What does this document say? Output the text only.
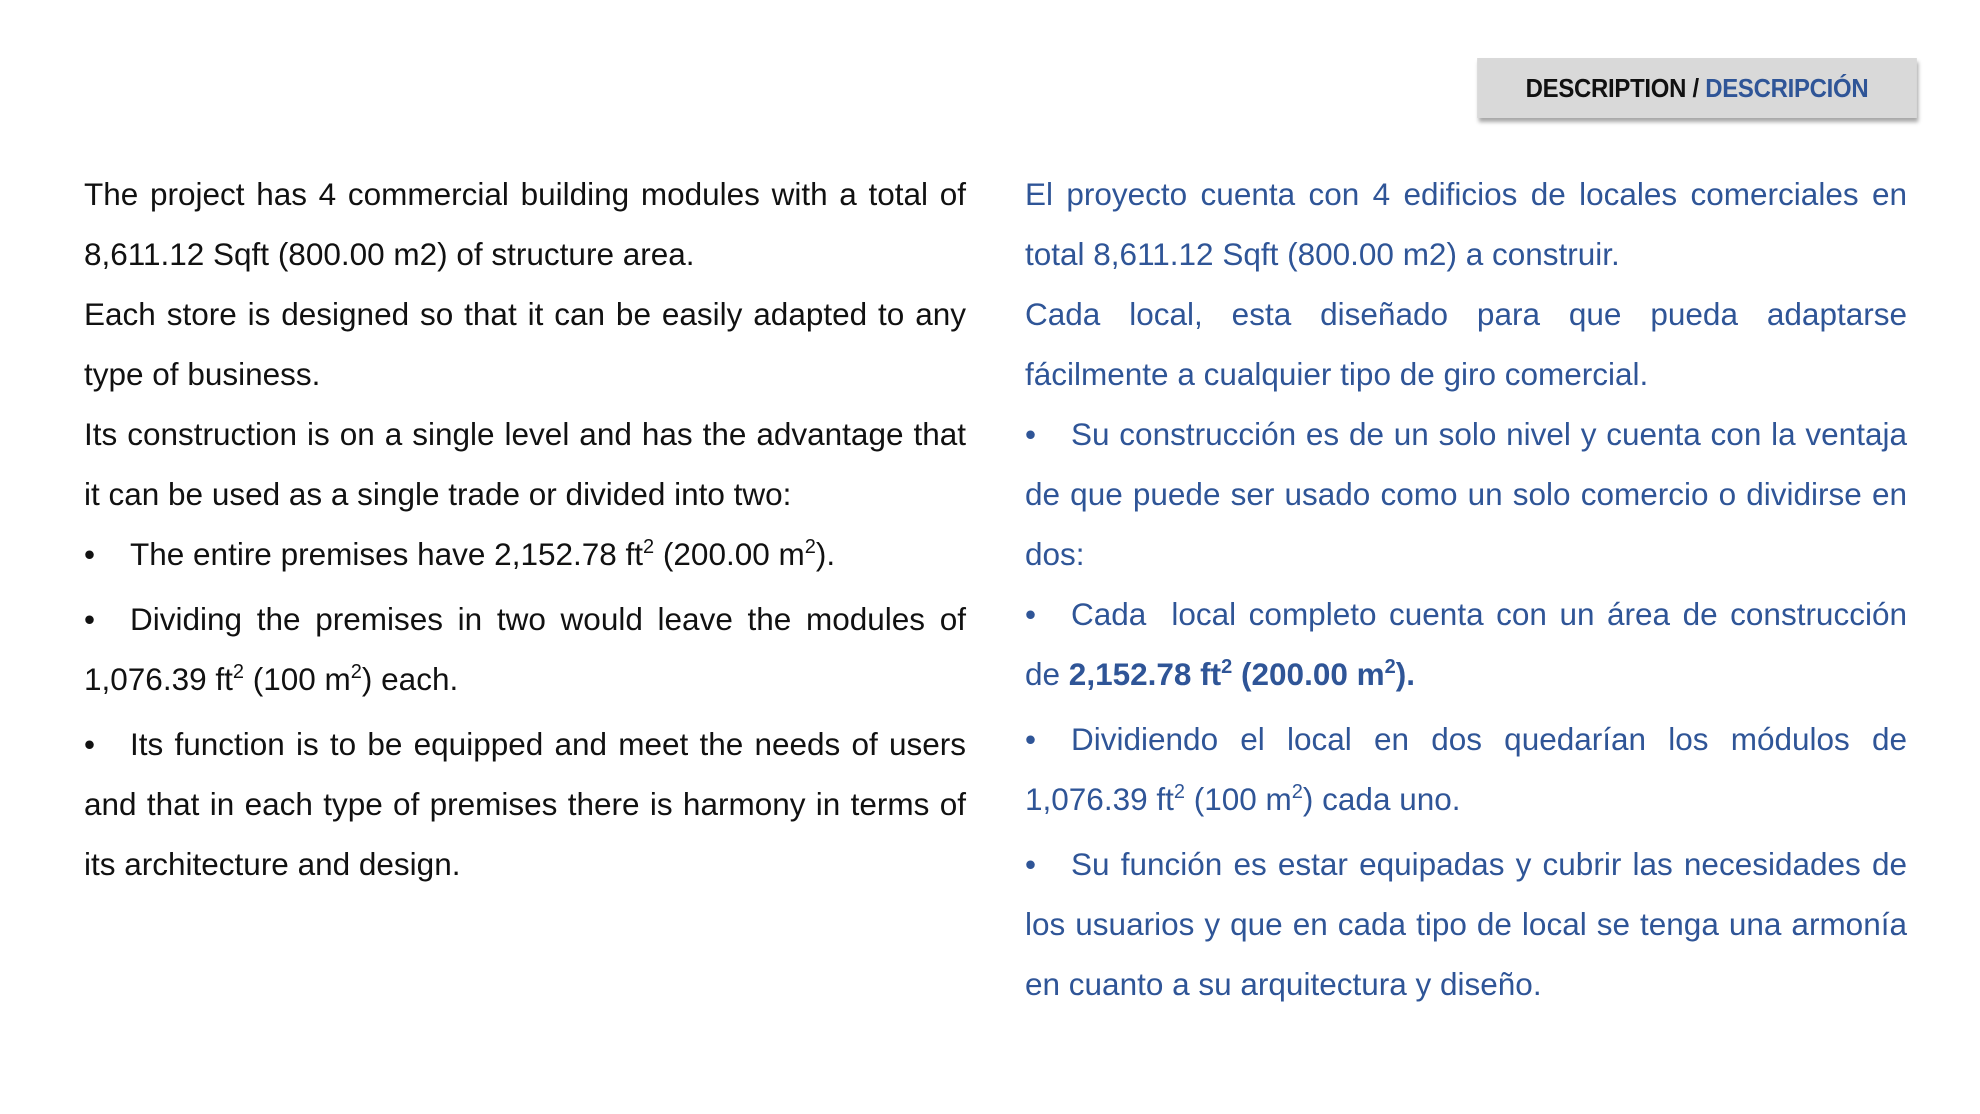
DESCRIPTION / DESCRIPCIÓN

The project has 4 commercial building modules with a total of 8,611.12 Sqft (800.00 m2) of structure area.

Each store is designed so that it can be easily adapted to any type of business.

Its construction is on a single level and has the advantage that it can be used as a single trade or divided into two:

• The entire premises have 2,152.78 $ft^2$ (200.00 $m^2$).

• Dividing the premises in two would leave the modules of 1,076.39 $ft^2$ (100 $m^2$) each.

• Its function is to be equipped and meet the needs of users and that in each type of premises there is harmony in terms of its architecture and design.

El proyecto cuenta con 4 edificios de locales comerciales en total 8,611.12 Sqft (800.00 m2) a construir.

Cada local, esta diseñado para que pueda adaptarse fácilmente a cualquier tipo de giro comercial.

• Su construcción es de un solo nivel y cuenta con la ventaja de que puede ser usado como un solo comercio o dividirse en dos:

• Cada  local completo cuenta con un área de construcción de 2,152.78 $ft^2$ (200.00 $m^2$).

• Dividiendo el local en dos quedarían los módulos de 1,076.39 $ft^2$ (100 $m^2$) cada uno.

• Su función es estar equipadas y cubrir las necesidades de los usuarios y que en cada tipo de local se tenga una armonía en cuanto a su arquitectura y diseño.
